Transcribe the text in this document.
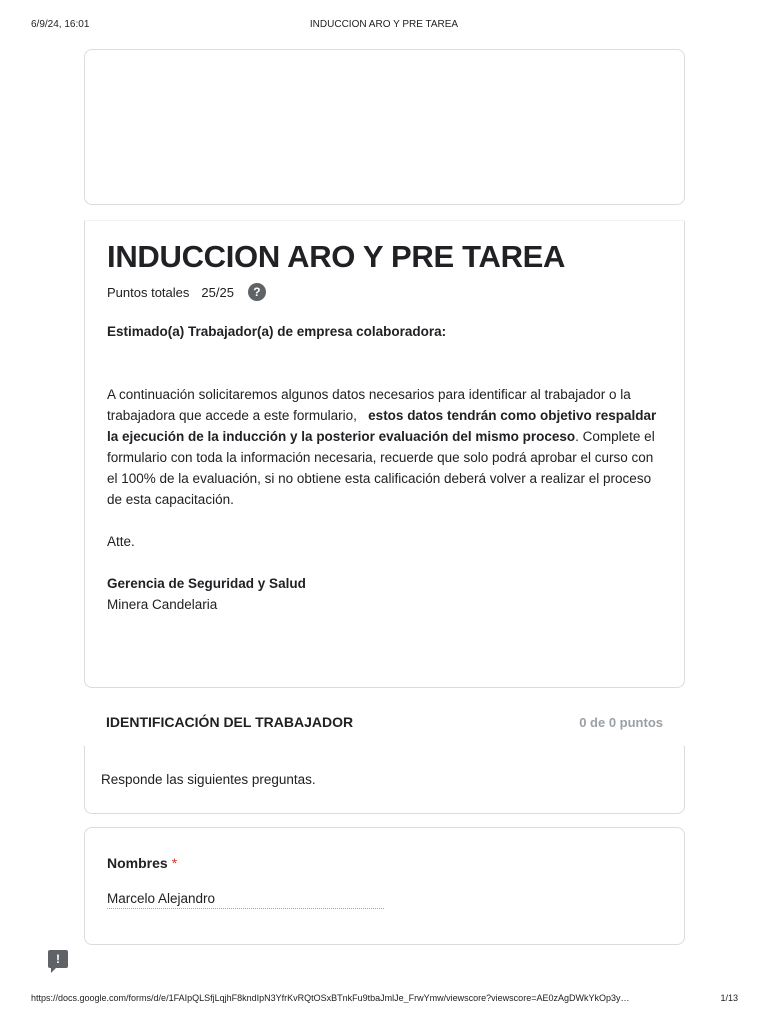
6/9/24, 16:01	INDUCCION ARO Y PRE TAREA
INDUCCION ARO Y PRE TAREA
Puntos totales 25/25	?

Estimado(a) Trabajador(a) de empresa colaboradora:

A continuación solicitaremos algunos datos necesarios para identificar al trabajador o la trabajadora que accede a este formulario, estos datos tendrán como objetivo respaldar la ejecución de la inducción y la posterior evaluación del mismo proceso. Complete el formulario con toda la información necesaria, recuerde que solo podrá aprobar el curso con el 100% de la evaluación, si no obtiene esta calificación deberá volver a realizar el proceso de esta capacitación.

Atte.

Gerencia de Seguridad y Salud

Minera Candelaria

IDENTIFICACIÓN DEL TRABAJADOR	0 de 0 puntos
Responde las siguientes preguntas.
Nombres *
Marcelo Alejandro
!
https://docs.google.com/forms/d/e/1FAIpQLSfjLqjhF8kndIpN3YfrKvRQtOSxBTnkFu9tbaJmlJe_FrwYmw/viewscore?viewscore=AE0zAgDWkYkOp3y…	1/13
